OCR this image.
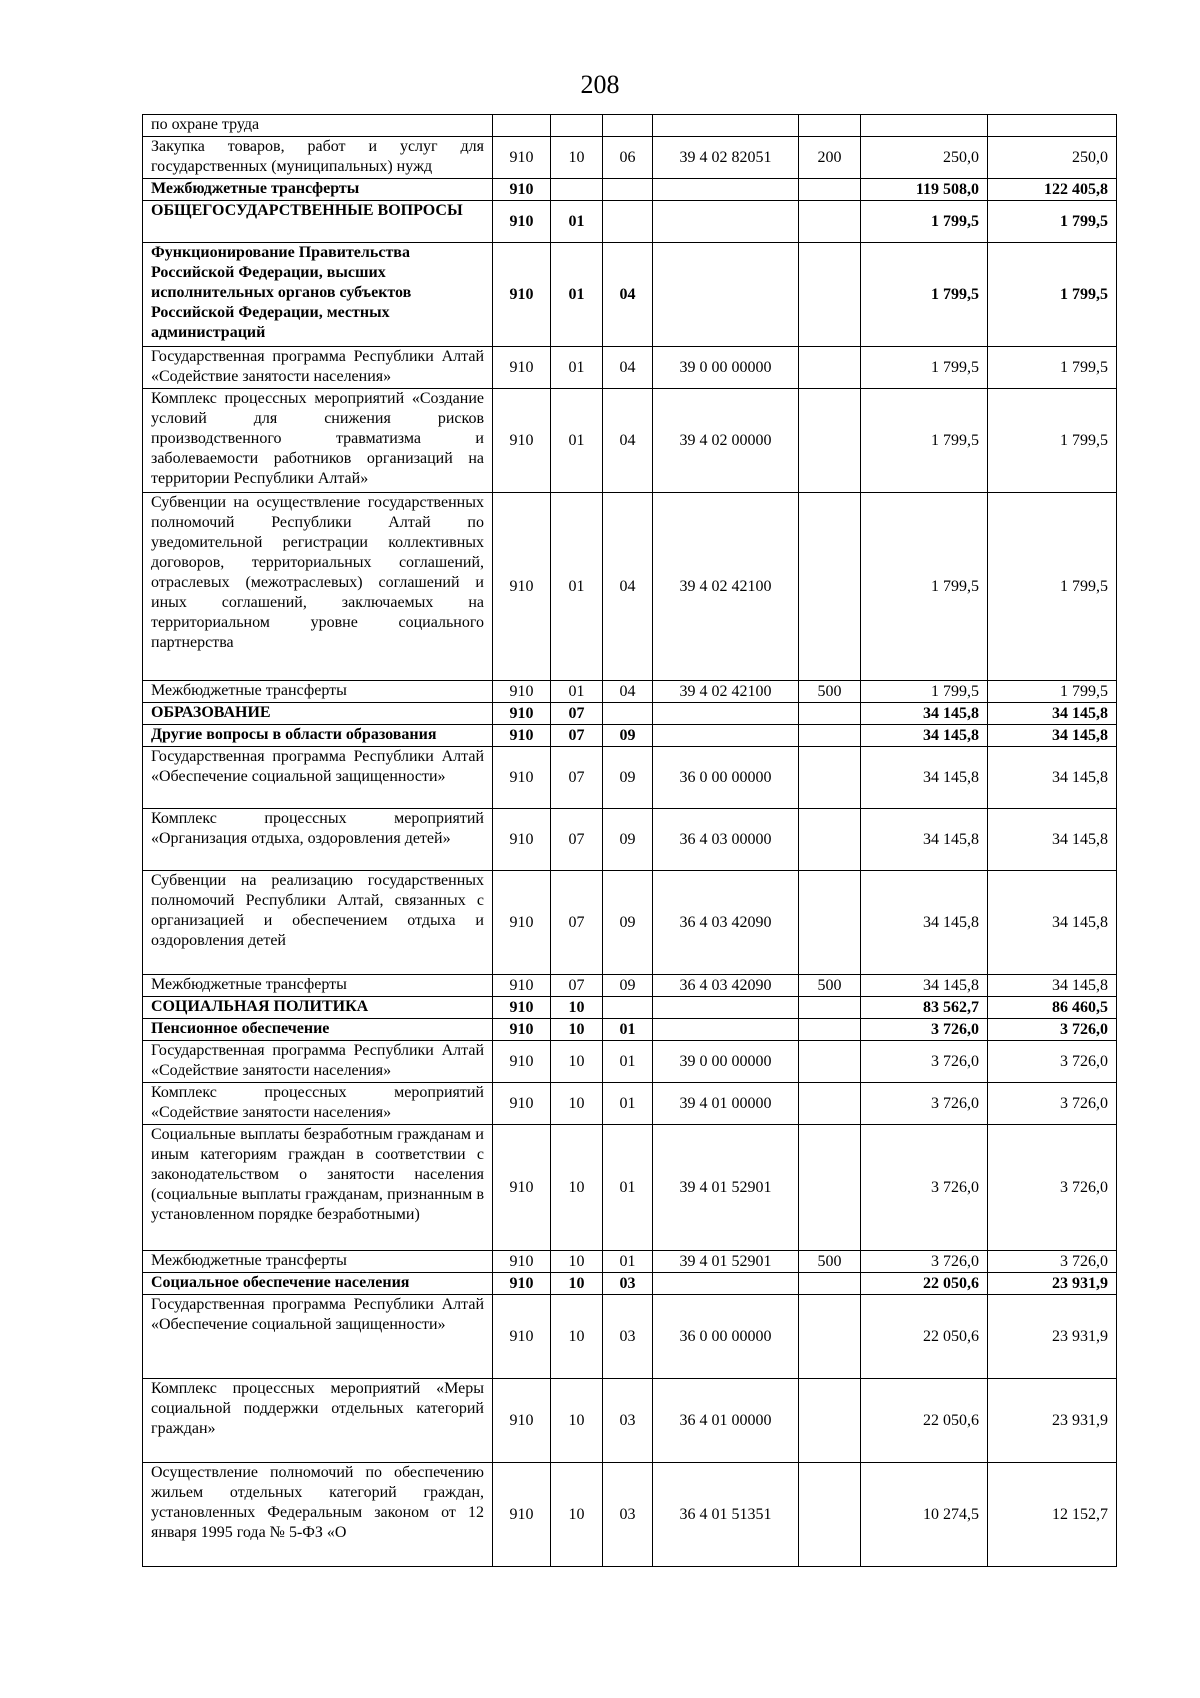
208
по охране труда							
Закупка товаров, работ и услуг для государственных (муниципальных) нужд	910	10	06	39 4 02 82051	200	250,0	250,0
Межбюджетные трансферты	910					119 508,0	122 405,8
ОБЩЕГОСУДАРСТВЕННЫЕ ВОПРОСЫ	910	01				1 799,5	1 799,5
Функционирование Правительства Российской Федерации, высших исполнительных органов субъектов Российской Федерации, местных администраций	910	01	04			1 799,5	1 799,5
Государственная программа Республики Алтай «Содействие занятости населения»	910	01	04	39 0 00 00000		1 799,5	1 799,5
Комплекс процессных мероприятий «Создание условий для снижения рисков производственного травматизма и заболеваемости работников организаций на территории Республики Алтай»	910	01	04	39 4 02 00000		1 799,5	1 799,5
Субвенции на осуществление государственных полномочий Республики Алтай по уведомительной регистрации коллективных договоров, территориальных соглашений, отраслевых (межотраслевых) соглашений и иных соглашений, заключаемых на территориальном уровне социального партнерства	910	01	04	39 4 02 42100		1 799,5	1 799,5
Межбюджетные трансферты	910	01	04	39 4 02 42100	500	1 799,5	1 799,5
ОБРАЗОВАНИЕ	910	07				34 145,8	34 145,8
Другие вопросы в области образования	910	07	09			34 145,8	34 145,8
Государственная программа Республики Алтай «Обеспечение социальной защищенности»	910	07	09	36 0 00 00000		34 145,8	34 145,8
Комплекс процессных мероприятий «Организация отдыха, оздоровления детей»	910	07	09	36 4 03 00000		34 145,8	34 145,8
Субвенции на реализацию государственных полномочий Республики Алтай, связанных с организацией и обеспечением отдыха и оздоровления детей	910	07	09	36 4 03 42090		34 145,8	34 145,8
Межбюджетные трансферты	910	07	09	36 4 03 42090	500	34 145,8	34 145,8
СОЦИАЛЬНАЯ ПОЛИТИКА	910	10				83 562,7	86 460,5
Пенсионное обеспечение	910	10	01			3 726,0	3 726,0
Государственная программа Республики Алтай «Содействие занятости населения»	910	10	01	39 0 00 00000		3 726,0	3 726,0
Комплекс процессных мероприятий «Содействие занятости населения»	910	10	01	39 4 01 00000		3 726,0	3 726,0
Социальные выплаты безработным гражданам и иным категориям граждан в соответствии с законодательством о занятости населения (социальные выплаты гражданам, признанным в установленном порядке безработными)	910	10	01	39 4 01 52901		3 726,0	3 726,0
Межбюджетные трансферты	910	10	01	39 4 01 52901	500	3 726,0	3 726,0
Социальное обеспечение населения	910	10	03			22 050,6	23 931,9
Государственная программа Республики Алтай «Обеспечение социальной защищенности»	910	10	03	36 0 00 00000		22 050,6	23 931,9
Комплекс процессных мероприятий «Меры социальной поддержки отдельных категорий граждан»	910	10	03	36 4 01 00000		22 050,6	23 931,9
Осуществление полномочий по обеспечению жильем отдельных категорий граждан, установленных Федеральным законом от 12 января 1995 года № 5-ФЗ «О	910	10	03	36 4 01 51351		10 274,5	12 152,7
